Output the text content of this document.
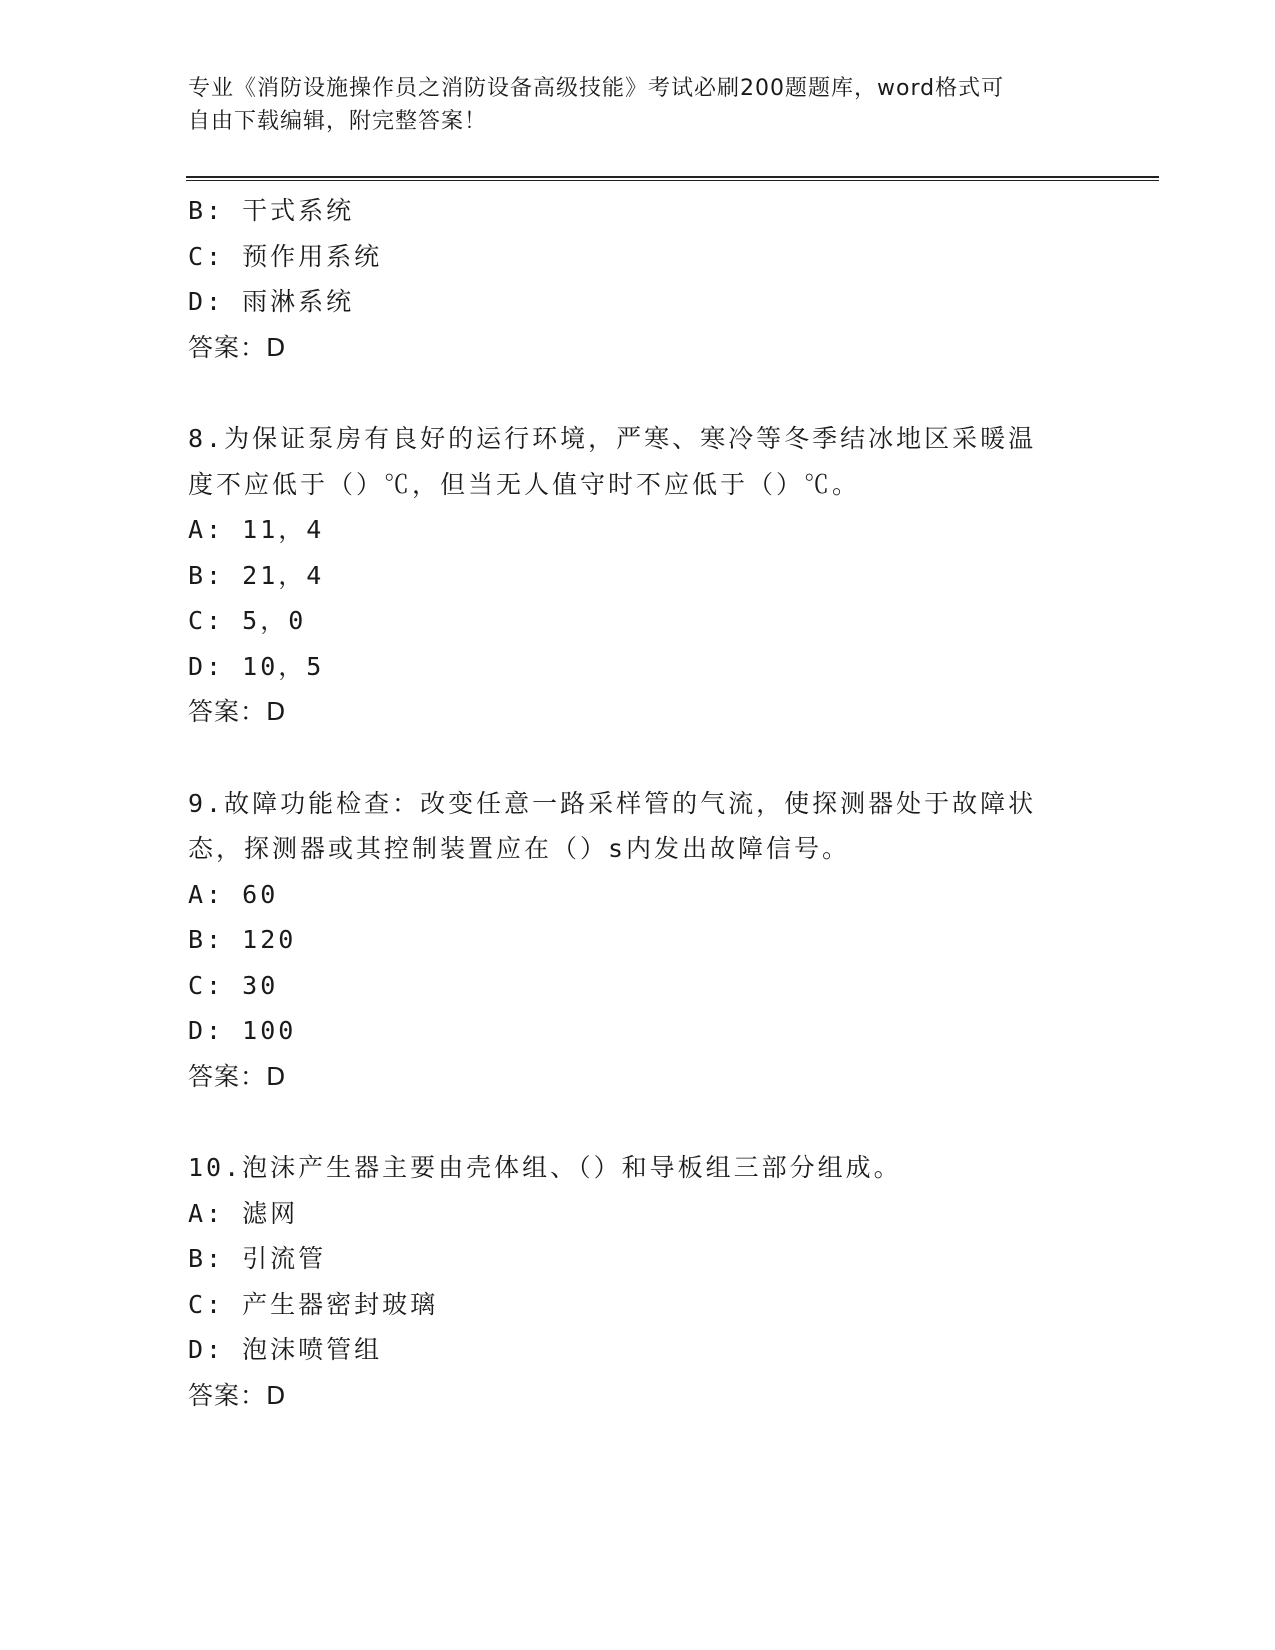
专业《消防设施操作员之消防设备高级技能》考试必刷200题题库，word格式可
自由下载编辑，附完整答案！
B: 干式系统
C: 预作用系统
D: 雨淋系统
答案：D
8.为保证泵房有良好的运行环境，严寒、寒冷等冬季结冰地区采暖温
度不应低于（）℃，但当无人值守时不应低于（）℃。
A: 11，4
B: 21，4
C: 5，0
D: 10，5
答案：D
9.故障功能检查：改变任意一路采样管的气流，使探测器处于故障状
态，探测器或其控制装置应在（）s内发出故障信号。
A: 60
B: 120
C: 30
D: 100
答案：D
10.泡沫产生器主要由壳体组、（）和导板组三部分组成。
A: 滤网
B: 引流管
C: 产生器密封玻璃
D: 泡沫喷管组
答案：D
